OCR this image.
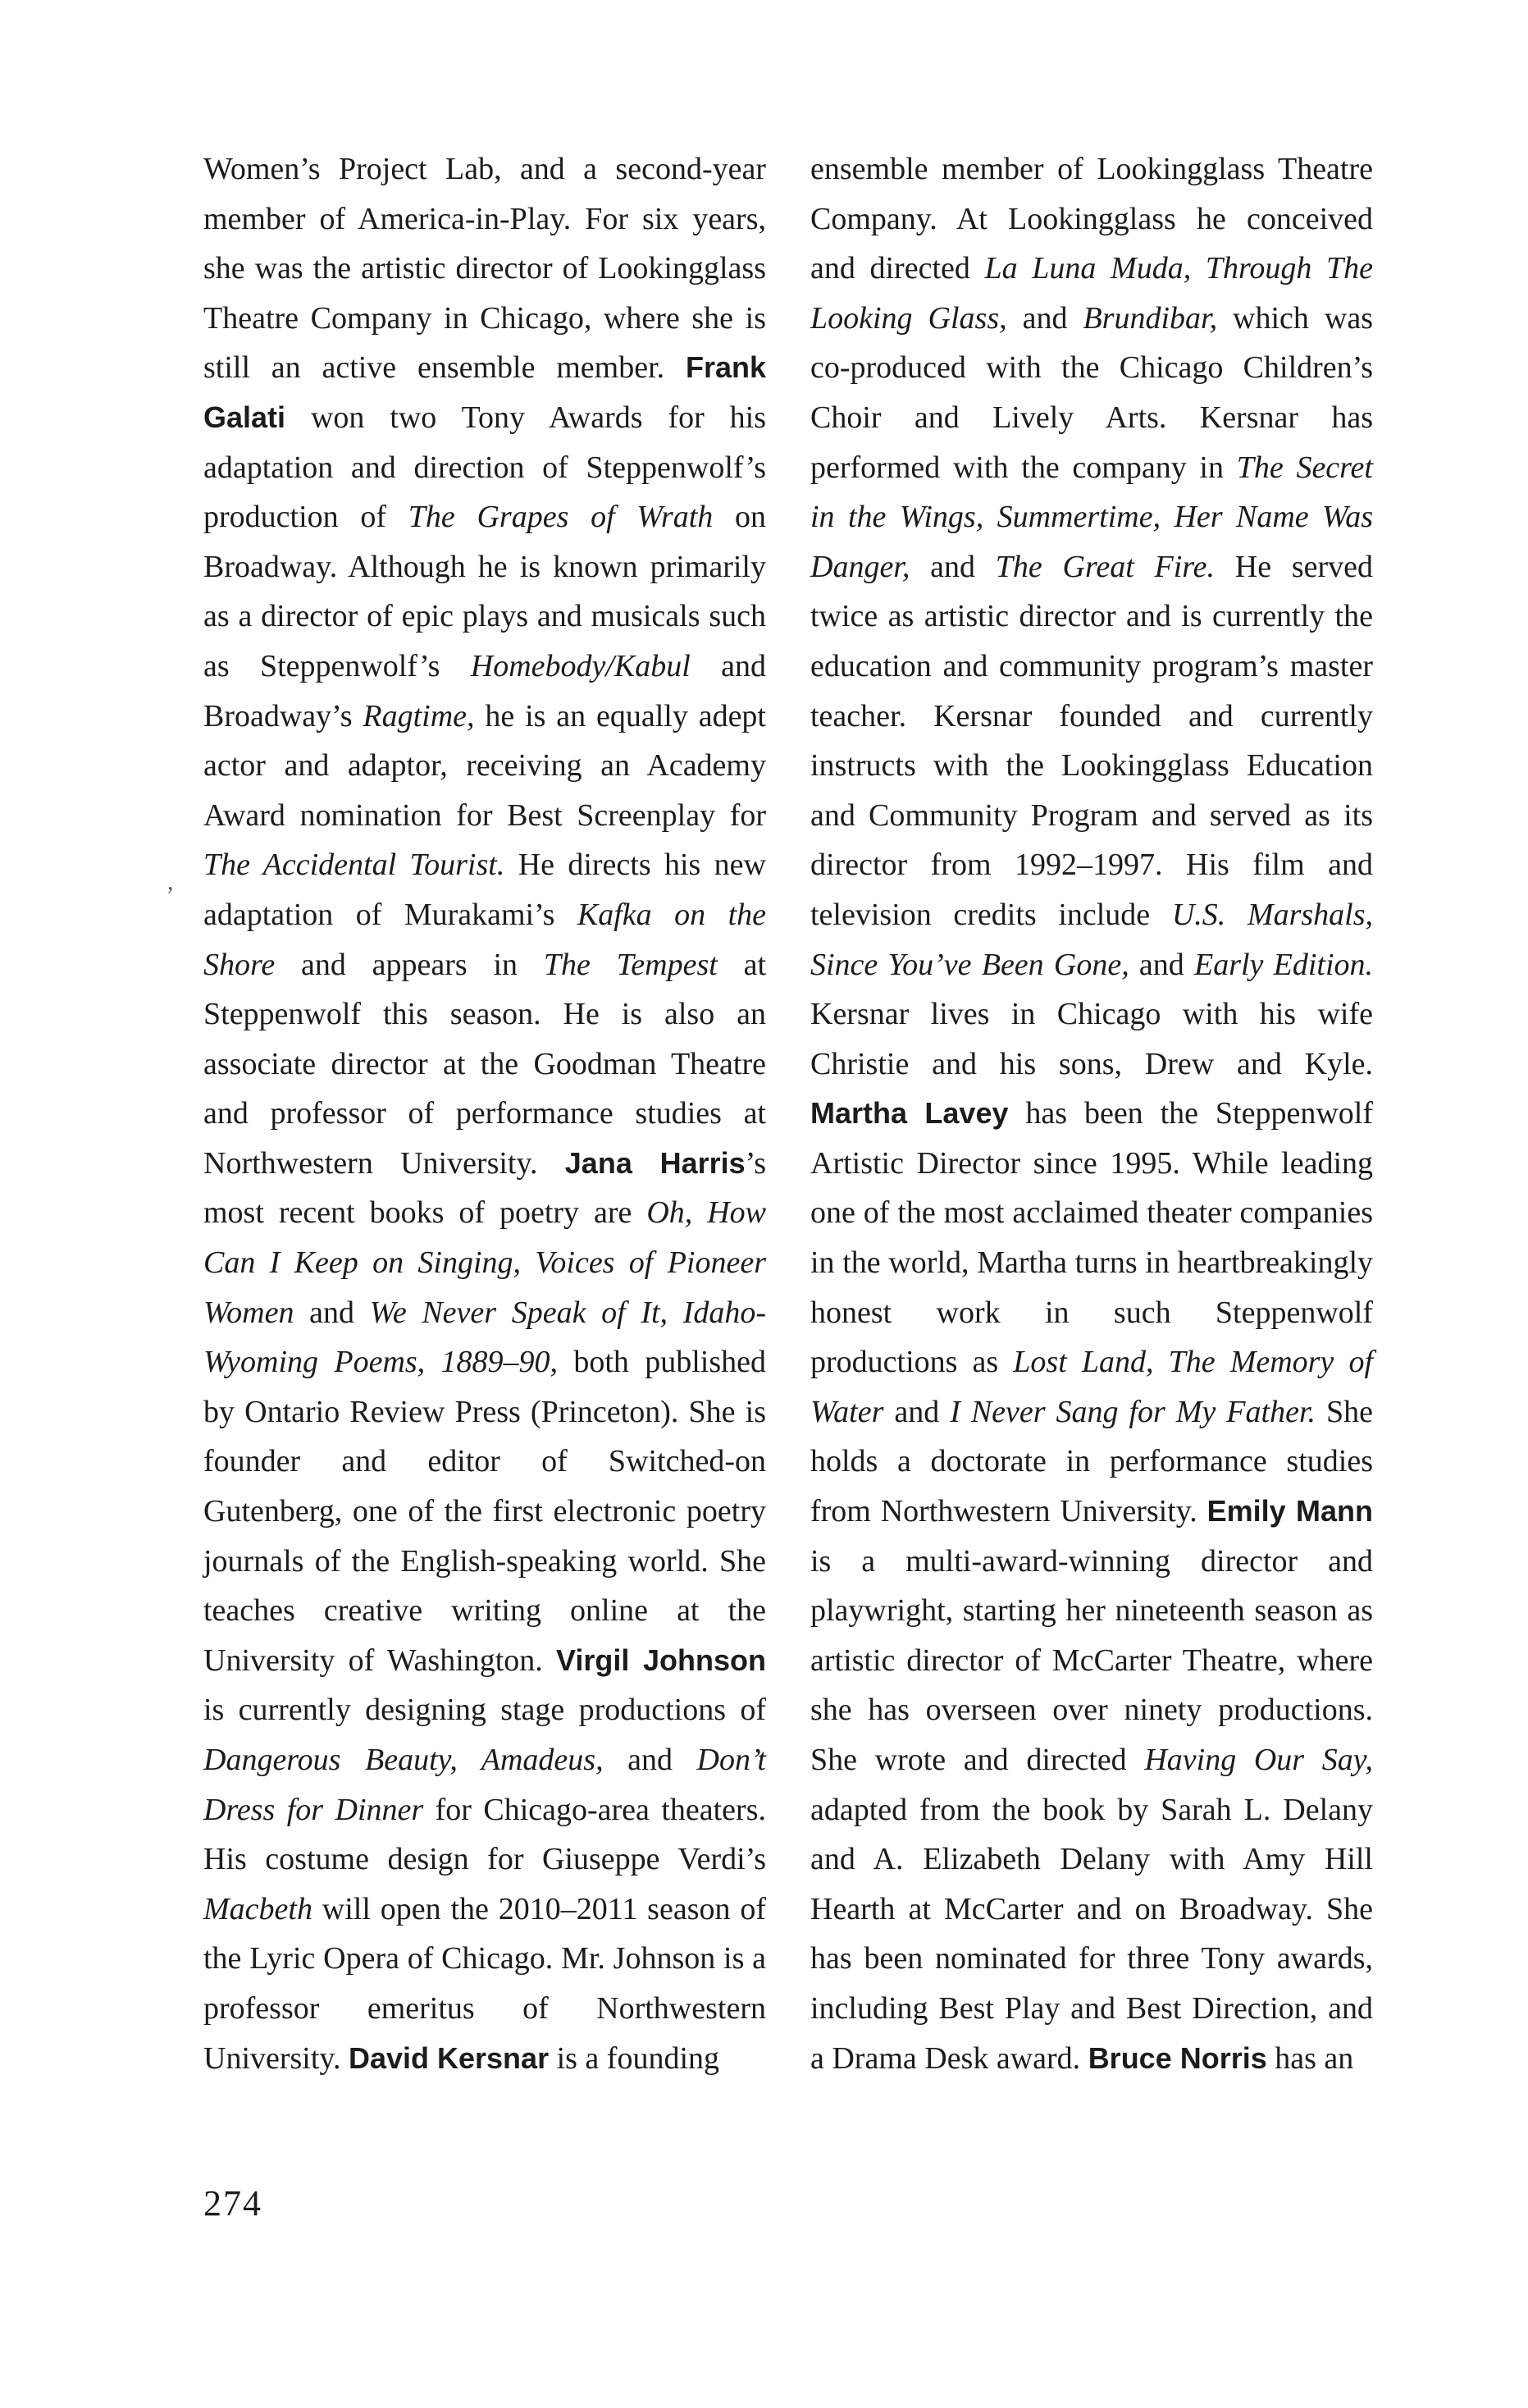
,

Women’s Project Lab, and a second-year member of America-in-Play. For six years, she was the artistic director of Lookingglass Theatre Company in Chicago, where she is still an active ensemble member. Frank Galati won two Tony Awards for his adaptation and direction of Steppenwolf’s production of The Grapes of Wrath on Broadway. Although he is known primarily as a director of epic plays and musicals such as Steppenwolf’s Homebody/Kabul and Broadway’s Ragtime, he is an equally adept actor and adaptor, receiving an Academy Award nomination for Best Screenplay for The Accidental Tourist. He directs his new adaptation of Murakami’s Kafka on the Shore and appears in The Tempest at Steppenwolf this season. He is also an associate director at the Goodman Theatre and professor of performance studies at Northwestern University. Jana Harris’s most recent books of poetry are Oh, How Can I Keep on Singing, Voices of Pioneer Women and We Never Speak of It, Idaho-Wyoming Poems, 1889–90, both published by Ontario Review Press (Princeton). She is founder and editor of Switched-on Gutenberg, one of the first electronic poetry journals of the English-speaking world. She teaches creative writing online at the University of Washington. Virgil Johnson is currently designing stage productions of Dangerous Beauty, Amadeus, and Don’t Dress for Dinner for Chicago-area theaters. His costume design for Giuseppe Verdi’s Macbeth will open the 2010–2011 season of the Lyric Opera of Chicago. Mr. Johnson is a professor emeritus of Northwestern University. David Kersnar is a founding

ensemble member of Lookingglass Theatre Company. At Lookingglass he conceived and directed La Luna Muda, Through The Looking Glass, and Brundibar, which was co-produced with the Chicago Children’s Choir and Lively Arts. Kersnar has performed with the company in The Secret in the Wings, Summertime, Her Name Was Danger, and The Great Fire. He served twice as artistic director and is currently the education and community program’s master teacher. Kersnar founded and currently instructs with the Lookingglass Education and Community Program and served as its director from 1992–1997. His film and television credits include U.S. Marshals, Since You’ve Been Gone, and Early Edition. Kersnar lives in Chicago with his wife Christie and his sons, Drew and Kyle. Martha Lavey has been the Steppenwolf Artistic Director since 1995. While leading one of the most acclaimed theater companies in the world, Martha turns in heartbreakingly honest work in such Steppenwolf productions as Lost Land, The Memory of Water and I Never Sang for My Father. She holds a doctorate in performance studies from Northwestern University. Emily Mann is a multi-award-winning director and playwright, starting her nineteenth season as artistic director of McCarter Theatre, where she has overseen over ninety productions. She wrote and directed Having Our Say, adapted from the book by Sarah L. Delany and A. Elizabeth Delany with Amy Hill Hearth at McCarter and on Broadway. She has been nominated for three Tony awards, including Best Play and Best Direction, and a Drama Desk award. Bruce Norris has an

274
